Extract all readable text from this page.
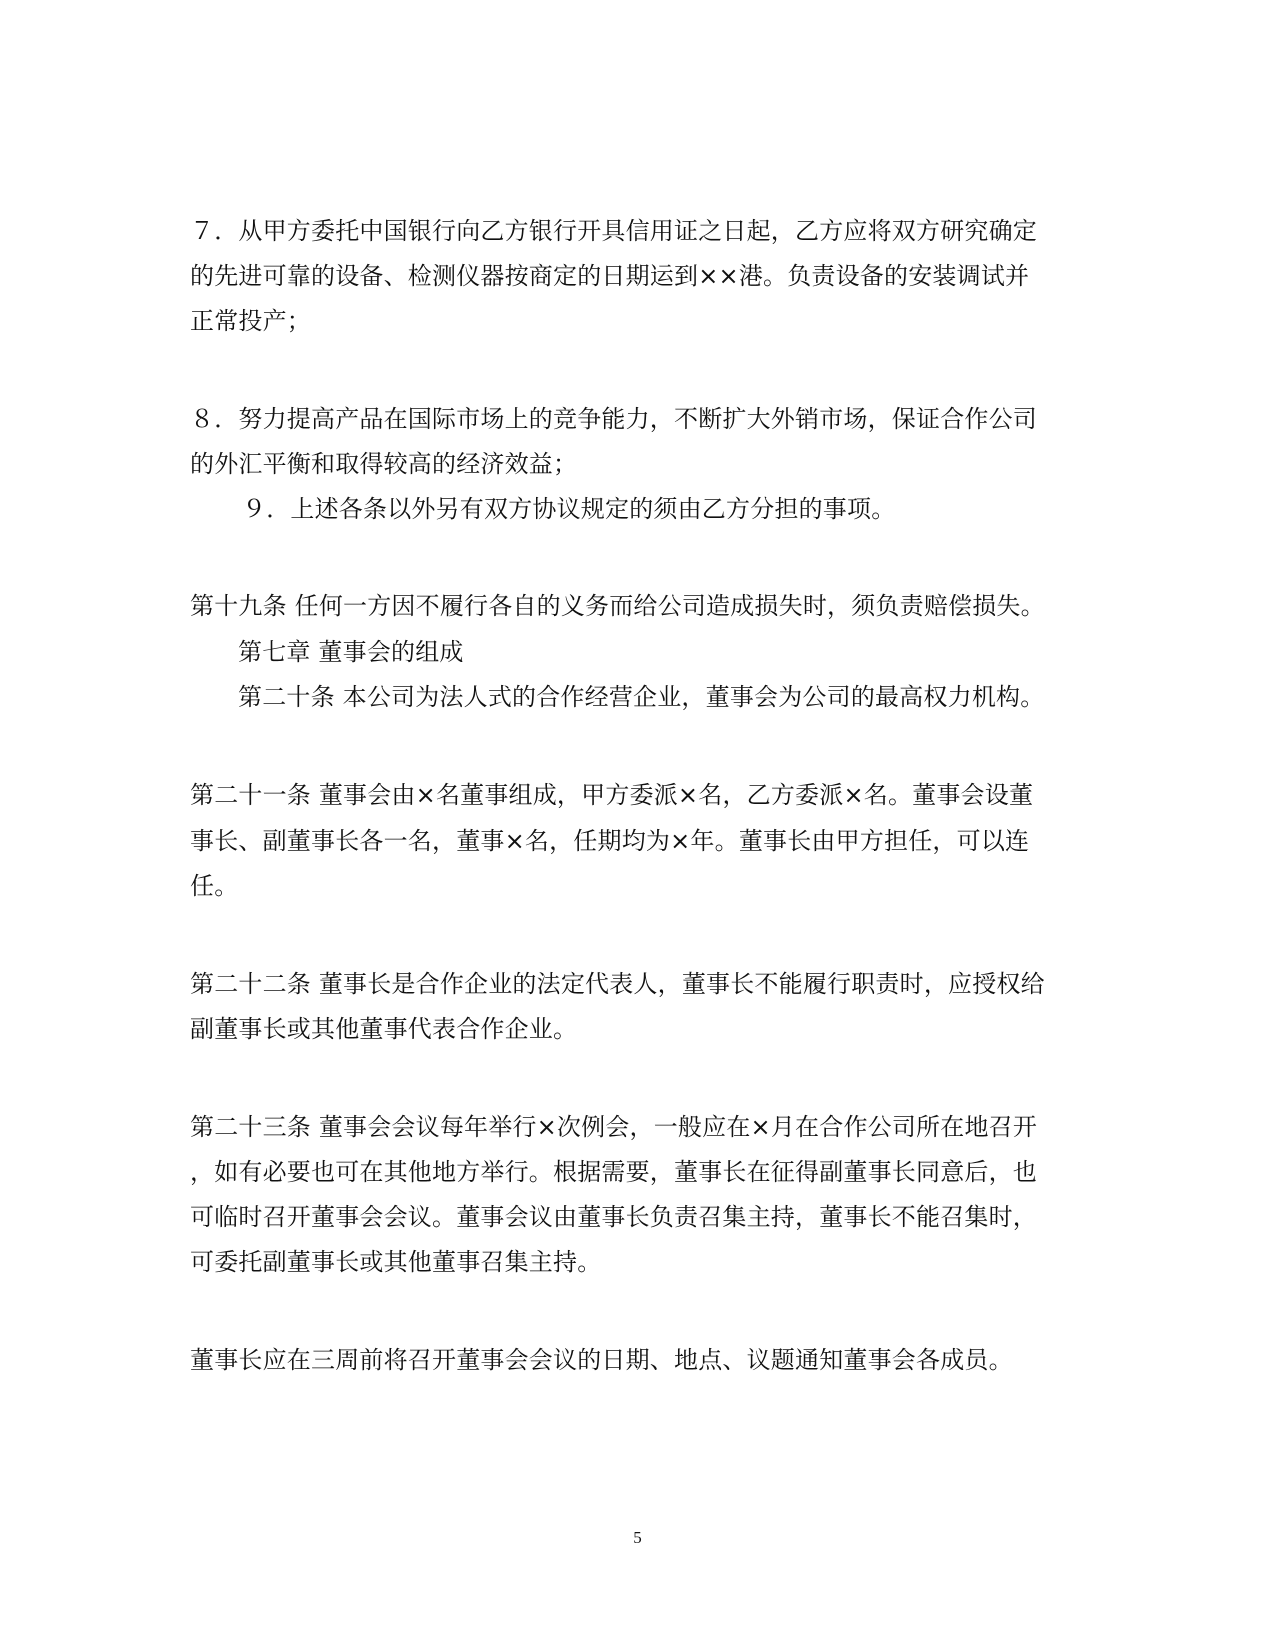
７．从甲方委托中国银行向乙方银行开具信用证之日起，乙方应将双方研究确定
的先进可靠的设备、检测仪器按商定的日期运到××港。负责设备的安装调试并
正常投产；
８．努力提高产品在国际市场上的竞争能力，不断扩大外销市场，保证合作公司
的外汇平衡和取得较高的经济效益；
９．上述各条以外另有双方协议规定的须由乙方分担的事项。
第十九条 任何一方因不履行各自的义务而给公司造成损失时，须负责赔偿损失。
第七章 董事会的组成
第二十条 本公司为法人式的合作经营企业，董事会为公司的最高权力机构。
第二十一条 董事会由×名董事组成，甲方委派×名，乙方委派×名。董事会设董
事长、副董事长各一名，董事×名，任期均为×年。董事长由甲方担任，可以连
任。
第二十二条 董事长是合作企业的法定代表人，董事长不能履行职责时，应授权给
副董事长或其他董事代表合作企业。
第二十三条 董事会会议每年举行×次例会，一般应在×月在合作公司所在地召开
，如有必要也可在其他地方举行。根据需要，董事长在征得副董事长同意后，也
可临时召开董事会会议。董事会议由董事长负责召集主持，董事长不能召集时，
可委托副董事长或其他董事召集主持。
董事长应在三周前将召开董事会会议的日期、地点、议题通知董事会各成员。
5
